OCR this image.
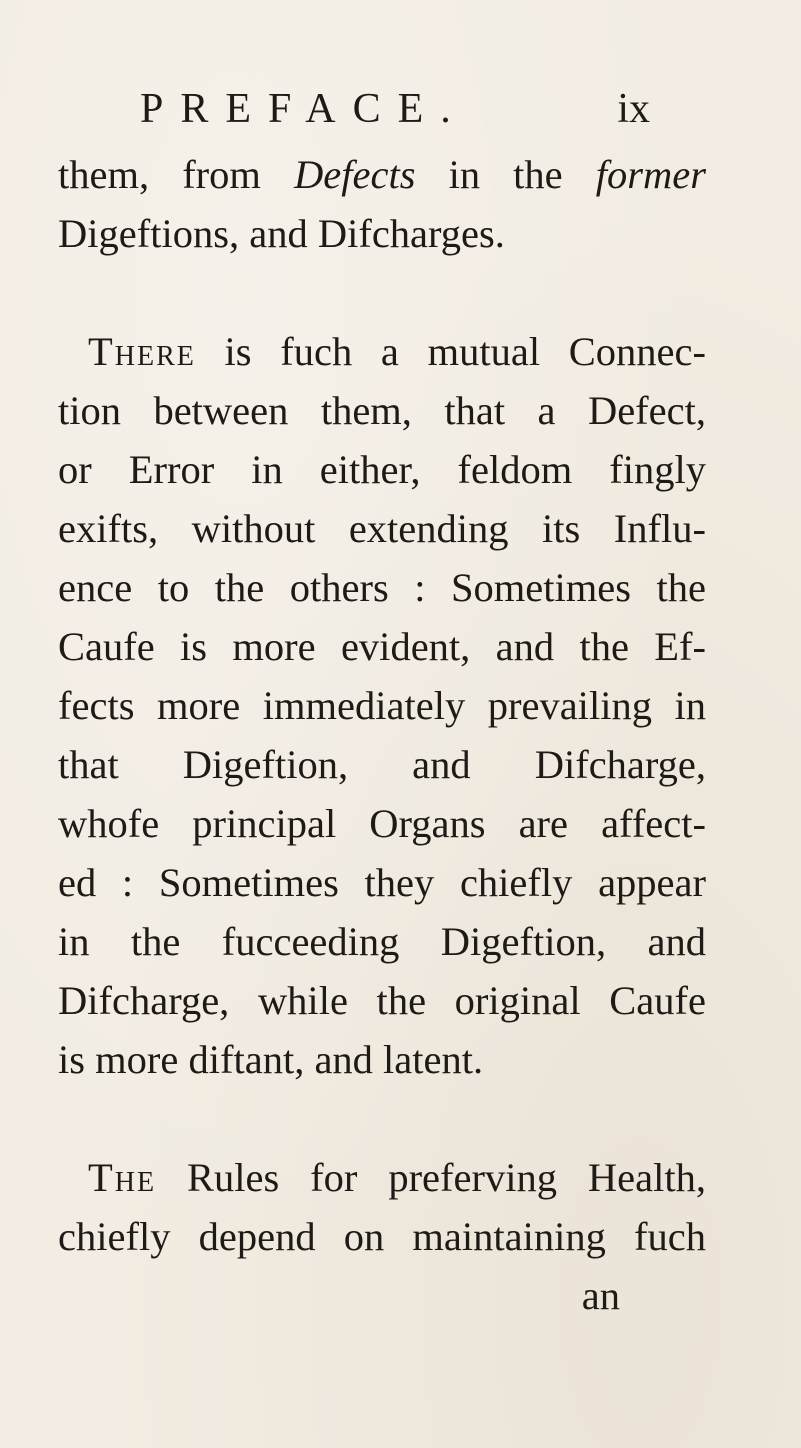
PREFACE.	ix
them, from Defects in the former
Digeftions, and Difcharges.
There is fuch a mutual Connec-
tion between them, that a Defect,
or Error in either, feldom fingly
exifts, without extending its Influ-
ence to the others : Sometimes the
Caufe is more evident, and the Ef-
fects more immediately prevailing in
that Digeftion, and Difcharge,
whofe principal Organs are affect-
ed : Sometimes they chiefly appear
in the fucceeding Digeftion, and
Difcharge, while the original Caufe
is more diftant, and latent.
The Rules for preferving Health,
chiefly depend on maintaining fuch
an
